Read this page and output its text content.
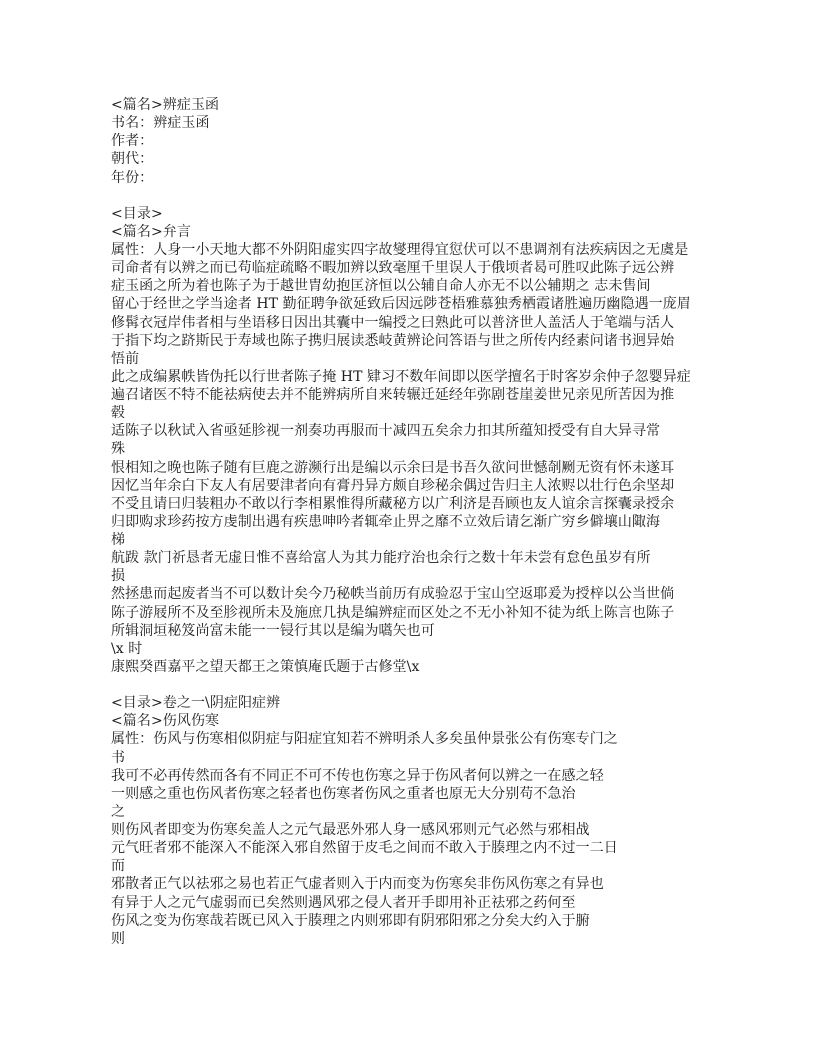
<篇名>辨症玉函
书名：辨症玉函
作者：
朝代：
年份：
<目录>
<篇名>弁言
属性：人身一小天地大都不外阴阳虚实四字故燮理得宜愆伏可以不患调剂有法疾病因之无虞是
司命者有以辨之而已苟临症疏略不暇加辨以致毫厘千里误人于俄顷者曷可胜叹此陈子远公辨
症玉函之所为着也陈子为于越世胄幼抱匡济恒以公辅自命人亦无不以公辅期之 志未售间
留心于经世之学当途者 HT 勤征聘争欲延致后因远陟苍梧雅慕独秀栖霞诸胜遍历幽隐遇一庞眉
修髯衣冠岸伟者相与坐语移日因出其囊中一编授之曰熟此可以普济世人盖活人于笔端与活人
于指下均之跻斯民于寿域也陈子携归展读悉岐黄辨论问答语与世之所传内经素问诸书迥异始
悟前
此之成编累帙皆伪托以行世者陈子掩 HT 肄习不数年间即以医学擅名于时客岁余仲子忽婴异症
遍召诸医不特不能祛病使去并不能辨病所自来转辗迁延经年弥剧苍崖姜世兄亲见所苦因为推
毂
适陈子以秋试入省亟延胗视一剂奏功再服而十减四五矣余力扣其所蕴知授受有自大异寻常
殊
恨相知之晚也陈子随有巨鹿之游濒行出是编以示余曰是书吾久欲问世憾剞劂无资有怀未遂耳
因忆当年余白下友人有居要津者向有膏丹异方颇自珍秘余偶过告归主人浓赆以壮行色余坚却
不受且请曰归装粗办不敢以行李相累惟得所藏秘方以广利济是吾顾也友人谊余言探囊录授余
归即购求珍药按方虔制出遇有疾患呻吟者辄牵止畀之靡不立效后请乞渐广穷乡僻壤山陬海
梯
航跋 款门祈恳者无虚日惟不喜给富人为其力能疗治也余行之数十年未尝有怠色虽岁有所
损
然拯患而起废者当不可以数计矣今乃秘帙当前历有成验忍于宝山空返耶爰为授梓以公当世倘
陈子游屐所不及至胗视所未及施庶几执是编辨症而区处之不无小补知不徒为纸上陈言也陈子
所辑洞垣秘笈尚富未能一一锓行其以是编为嚆矢也可
\x 时
康熙癸酉嘉平之望天都王之策慎庵氏题于古修堂\x
<目录>卷之一\阴症阳症辨
<篇名>伤风伤寒
属性：伤风与伤寒相似阴症与阳症宜知若不辨明杀人多矣虽仲景张公有伤寒专门之
书
我可不必再传然而各有不同正不可不传也伤寒之异于伤风者何以辨之一在感之轻
一则感之重也伤风者伤寒之轻者也伤寒者伤风之重者也原无大分别苟不急治
之
则伤风者即变为伤寒矣盖人之元气最恶外邪人身一感风邪则元气必然与邪相战
元气旺者邪不能深入不能深入邪自然留于皮毛之间而不敢入于腠理之内不过一二日
而
邪散者正气以祛邪之易也若正气虚者则入于内而变为伤寒矣非伤风伤寒之有异也
有异于人之元气虚弱而已矣然则遇风邪之侵人者开手即用补正祛邪之药何至
伤风之变为伤寒哉若既已风入于腠理之内则邪即有阴邪阳邪之分矣大约入于腑
则
